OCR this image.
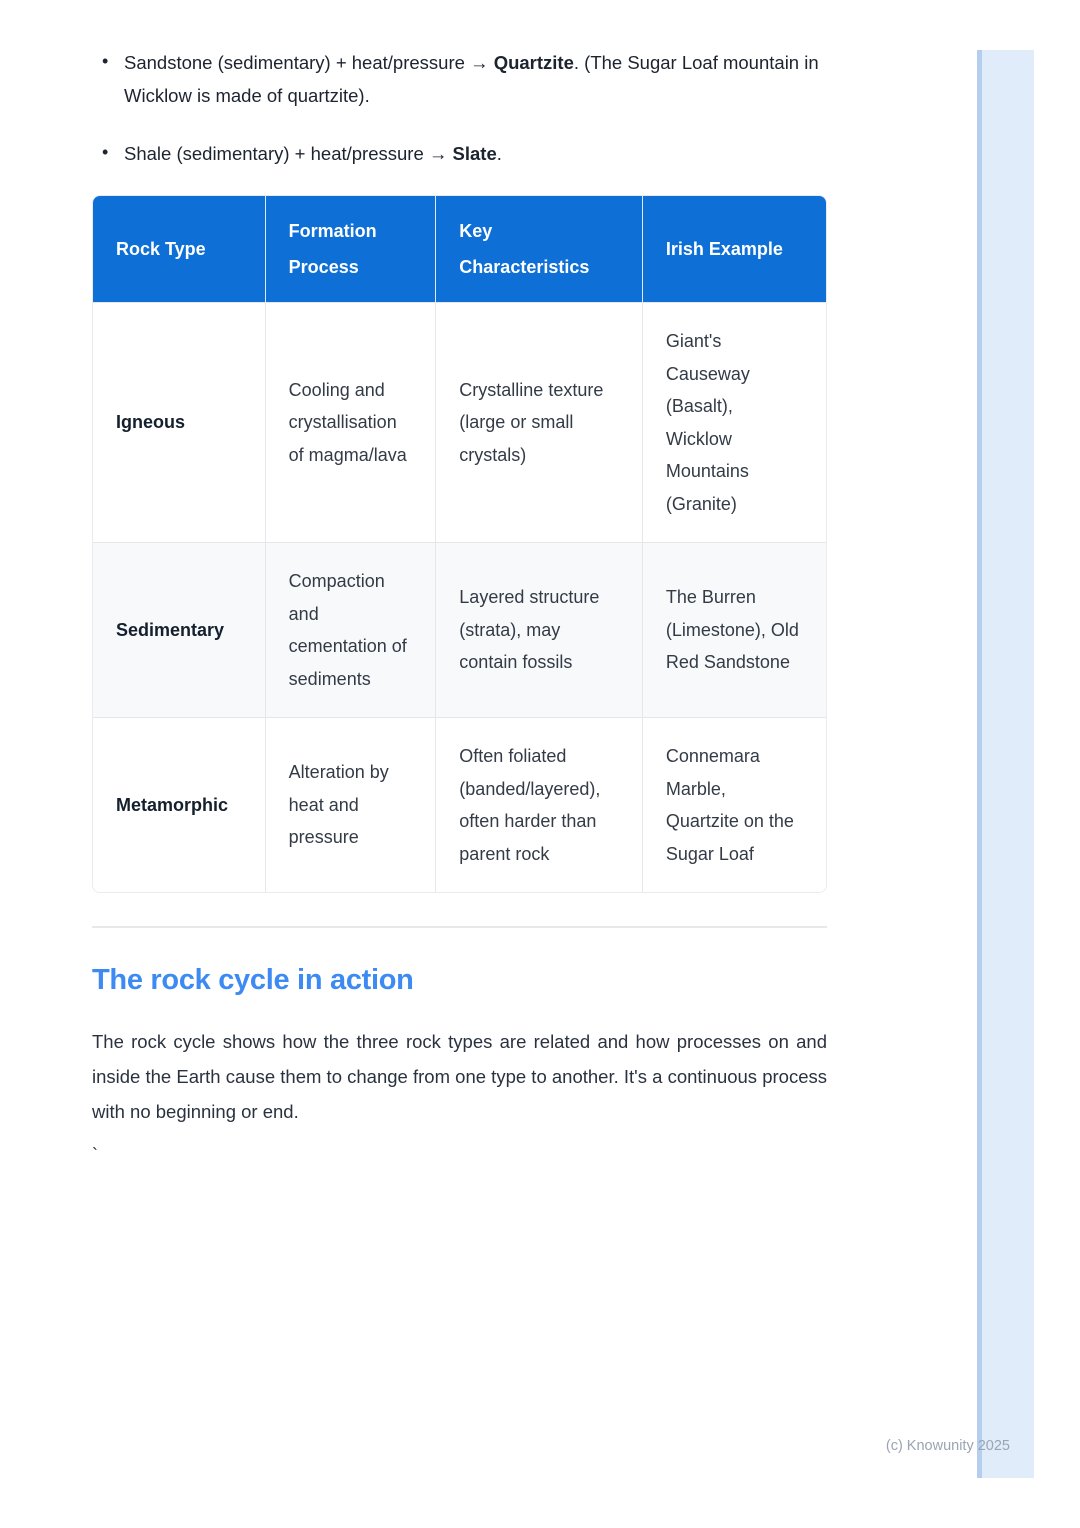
• Sandstone (sedimentary) + heat/pressure → Quartzite. (The Sugar Loaf mountain in Wicklow is made of quartzite).
• Shale (sedimentary) + heat/pressure → Slate.
Rock Type	Formation Process	Key Characteristics	Irish Example
Igneous	Cooling and crystallisation of magma/lava	Crystalline texture (large or small crystals)	Giant's Causeway (Basalt), Wicklow Mountains (Granite)
Sedimentary	Compaction and cementation of sediments	Layered structure (strata), may contain fossils	The Burren (Limestone), Old Red Sandstone
Metamorphic	Alteration by heat and pressure	Often foliated (banded/layered), often harder than parent rock	Connemara Marble, Quartzite on the Sugar Loaf
The rock cycle in action

The rock cycle shows how the three rock types are related and how processes on and inside the Earth cause them to change from one type to another. It's a continuous process with no beginning or end.

`
(c) Knowunity 2025
